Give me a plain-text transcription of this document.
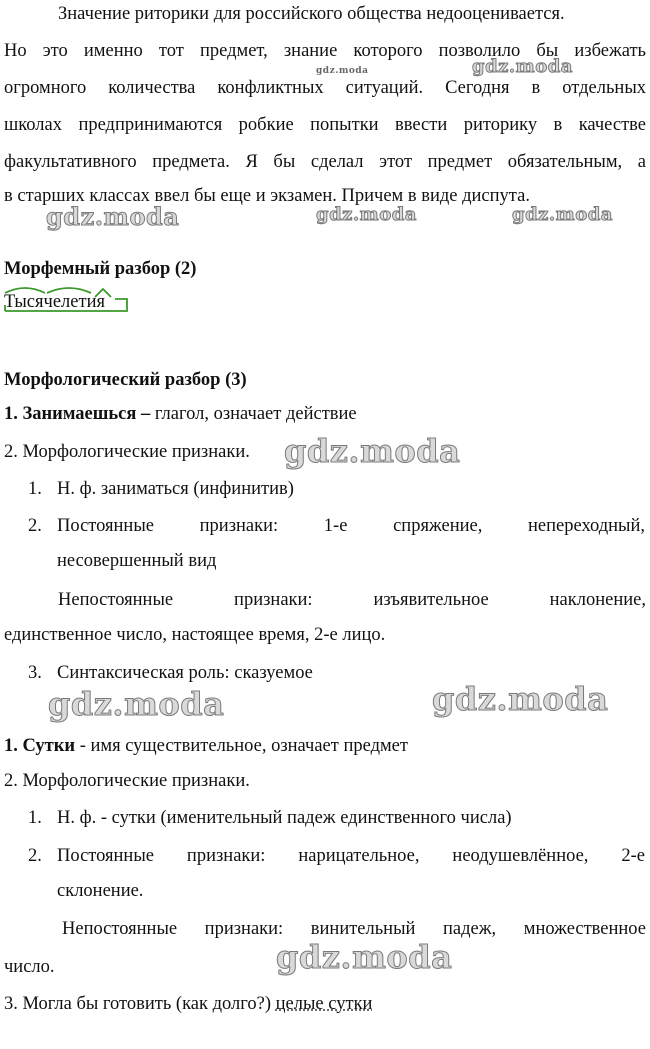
Значение риторики для российского общества недооценивается.
Но это именно тот предмет, знание которого позволило бы избежать
огромного количества конфликтных ситуаций. Сегодня в отдельных
школах предпринимаются робкие попытки ввести риторику в качестве
факультативного предмета. Я бы сделал этот предмет обязательным, а
в старших классах ввел бы еще и экзамен. Причем в виде диспута.
Морфемный разбор (2)
Тысячелетия
Морфологический разбор (3)
1. Занимаешься – глагол, означает действие
2. Морфологические признаки.
1. Н. ф. заниматься (инфинитив)
2. Постоянные признаки: 1-е спряжение, непереходный,
несовершенный вид
Непостоянные признаки: изъявительное наклонение,
единственное число, настоящее время, 2-е лицо.
3. Синтаксическая роль: сказуемое
1. Сутки - имя существительное, означает предмет
2. Морфологические признаки.
1. Н. ф. - сутки (именительный падеж единственного числа)
2. Постоянные признаки: нарицательное, неодушевлённое, 2-е
склонение.
Непостоянные признаки: винительный падеж, множественное
число.
3. Могла бы готовить (как долго?) целые сутки
gdz.moda	gdz.moda
gdz.moda	gdz.moda	gdz.moda
gdz.moda
gdz.moda	gdz.moda
gdz.moda
